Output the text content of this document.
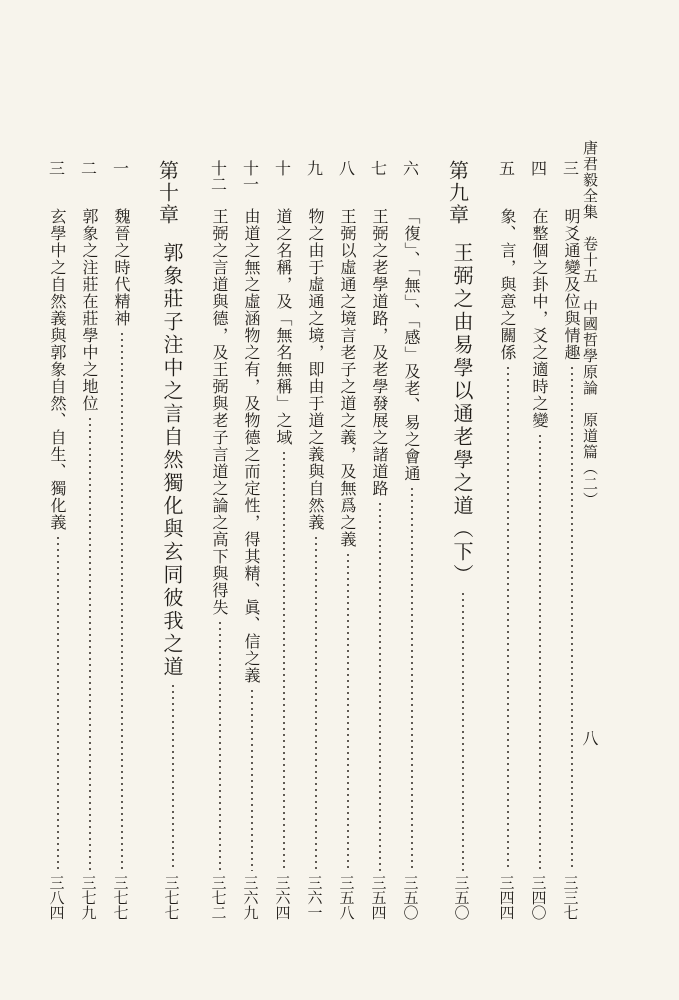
唐君毅全集　卷十五　中國哲學原論　原道篇（二）
八
三
明爻通變及位與情趣
三三七
四
在整個之卦中，爻之適時之變
三四〇
五
象、言，與意之關係
三四四
第九章
王弼之由易學以通老學之道（下）
三五〇
六
「復」、「無」、「感」及老、易之會通
三五〇
七
王弼之老學道路，及老學發展之諸道路
三五四
八
王弼以虛通之境言老子之道之義，及無爲之義
三五八
九
物之由于虛通之境，即由于道之義與自然義
三六一
十
道之名稱，及「無名無稱」之域
三六四
十一
由道之無之虛涵物之有，及物德之而定性，得其精、眞、信之義
三六九
十二
王弼之言道與德，及王弼與老子言道之論之高下與得失
三七二
第十章
郭象莊子注中之言自然獨化與玄同彼我之道
三七七
一
魏晉之時代精神
三七七
二
郭象之注莊在莊學中之地位
三七九
三
玄學中之自然義與郭象自然、自生、獨化義
三八四
